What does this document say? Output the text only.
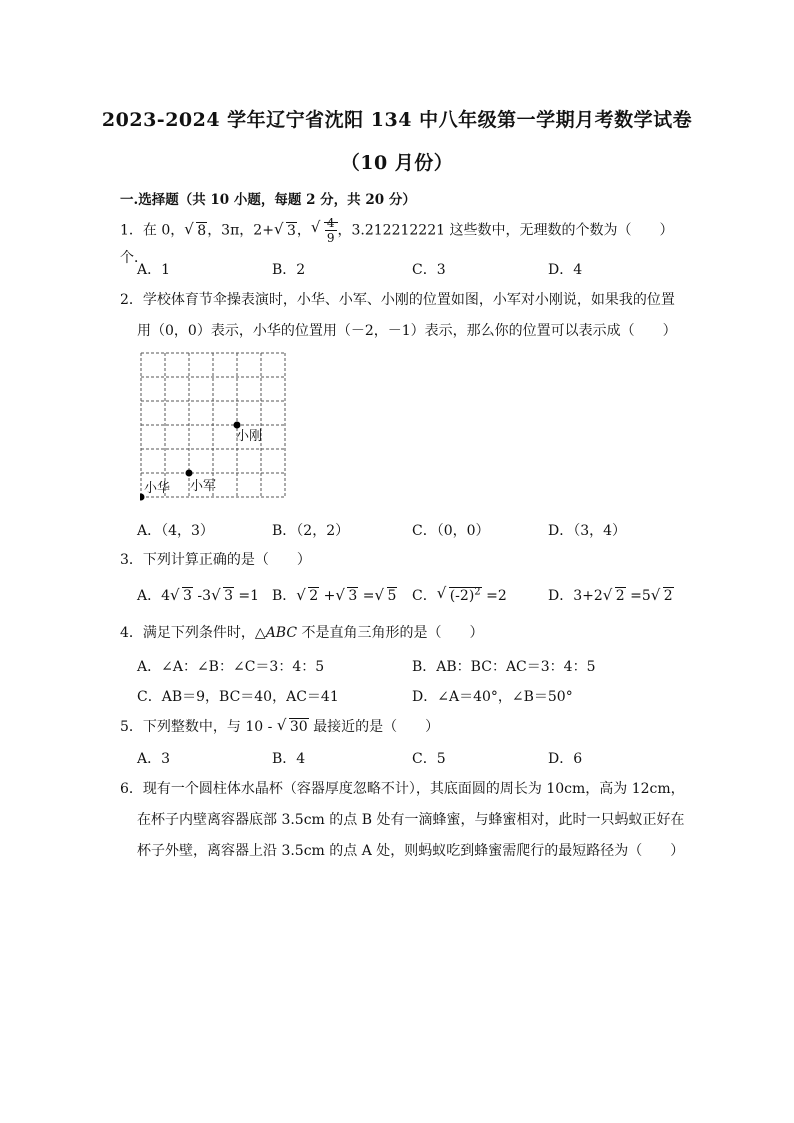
2023-2024 学年辽宁省沈阳 134 中八年级第一学期月考数学试卷
（10 月份）
一.选择题（共 10 小题，每题 2 分，共 20 分）
1．在 0， √ 8，3π，2+ √ 3， √ $\frac{4}{9}$ ，3.212212221 这些数中，无理数的个数为（　　）个．
A．1	B．2	C．3	D．4
2．学校体育节伞操表演时，小华、小军、小刚的位置如图，小军对小刚说，如果我的位置
用（0，0）表示，小华的位置用（－2，－1）表示，那么你的位置可以表示成（　　）
小华 小军
小刚
A．（4，3）	B．（2，2）	C．（0，0）	D．（3，4）
3．下列计算正确的是（　　）
A．4 √ 3 -3 √ 3 =1 B． √ 2 + √ 3 = √ 5 C． √ $(-2)^2 =2$	D．3+2 √ 2 =5 √ 2
4．满足下列条件时，△ABC 不是直角三角形的是（　　）
A．∠A：∠B：∠C＝3：4：5	B．AB：BC：AC＝3：4：5
C．AB＝9，BC＝40，AC＝41	D．∠A＝40°，∠B＝50°
5．下列整数中，与 10 - √ 30 最接近的是（　　）
A．3	B．4	C．5	D．6
6．现有一个圆柱体水晶杯（容器厚度忽略不计），其底面圆的周长为 10cm，高为 12cm，
在杯子内壁离容器底部 3.5cm 的点 B 处有一滴蜂蜜，与蜂蜜相对，此时一只蚂蚁正好在
杯子外壁，离容器上沿 3.5cm 的点 A 处，则蚂蚁吃到蜂蜜需爬行的最短路径为（　　）
